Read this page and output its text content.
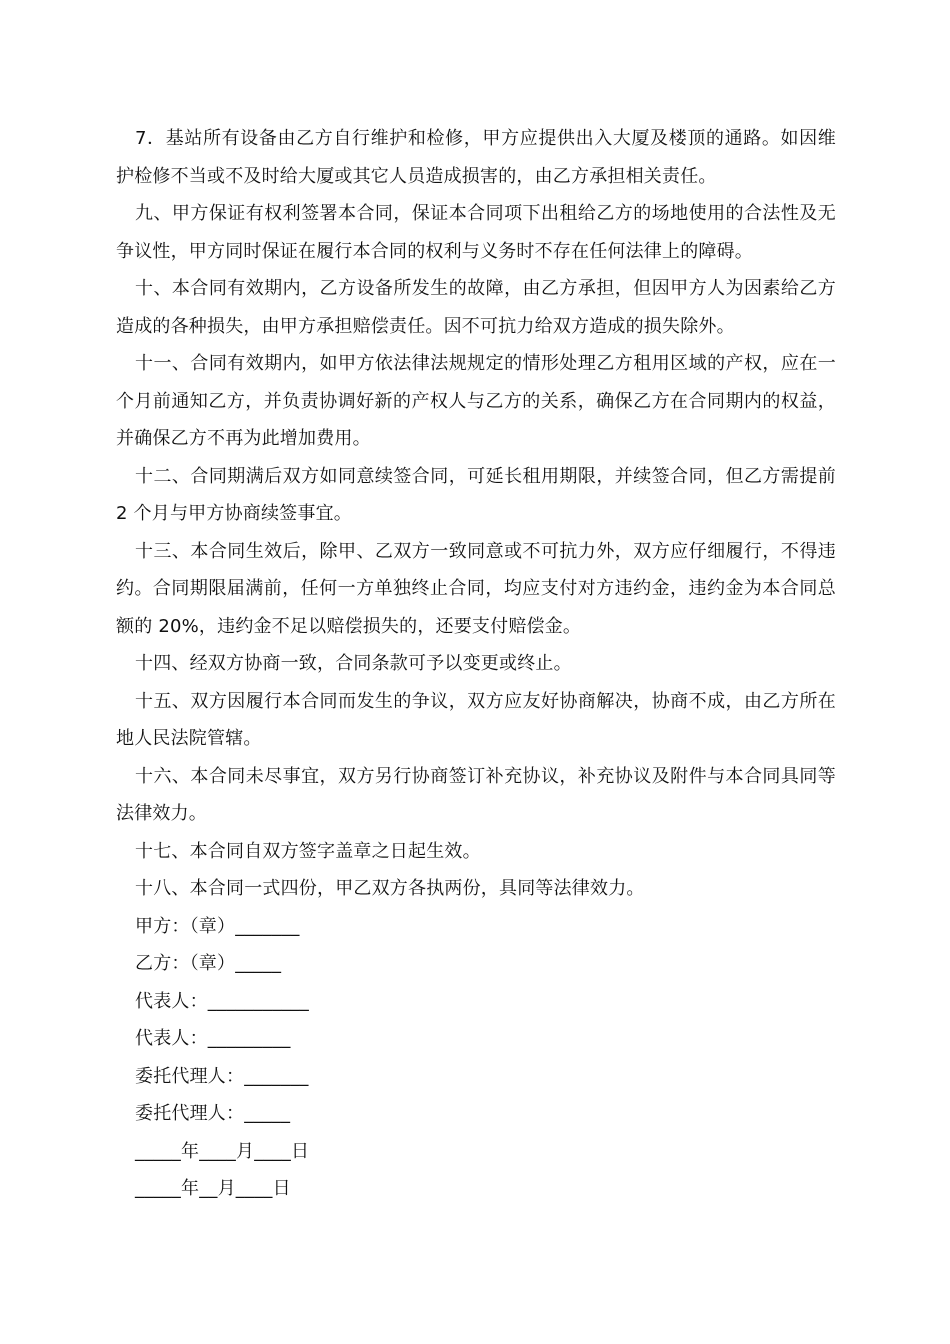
7．基站所有设备由乙方自行维护和检修，甲方应提供出入大厦及楼顶的通路。如因维护检修不当或不及时给大厦或其它人员造成损害的，由乙方承担相关责任。

九、甲方保证有权利签署本合同，保证本合同项下出租给乙方的场地使用的合法性及无争议性，甲方同时保证在履行本合同的权利与义务时不存在任何法律上的障碍。

十、本合同有效期内，乙方设备所发生的故障，由乙方承担，但因甲方人为因素给乙方造成的各种损失，由甲方承担赔偿责任。因不可抗力给双方造成的损失除外。

十一、合同有效期内，如甲方依法律法规规定的情形处理乙方租用区域的产权，应在一个月前通知乙方，并负责协调好新的产权人与乙方的关系，确保乙方在合同期内的权益，并确保乙方不再为此增加费用。

十二、合同期满后双方如同意续签合同，可延长租用期限，并续签合同，但乙方需提前 2 个月与甲方协商续签事宜。

十三、本合同生效后，除甲、乙双方一致同意或不可抗力外，双方应仔细履行，不得违约。合同期限届满前，任何一方单独终止合同，均应支付对方违约金，违约金为本合同总额的 20%，违约金不足以赔偿损失的，还要支付赔偿金。

十四、经双方协商一致，合同条款可予以变更或终止。

十五、双方因履行本合同而发生的争议，双方应友好协商解决，协商不成，由乙方所在地人民法院管辖。

十六、本合同未尽事宜，双方另行协商签订补充协议，补充协议及附件与本合同具同等法律效力。

十七、本合同自双方签字盖章之日起生效。

十八、本合同一式四份，甲乙双方各执两份，具同等法律效力。

甲方：（章）_______

乙方：（章）_____

代表人：___________

代表人：_________

委托代理人：_______

委托代理人：_____

_____年____月____日

_____年__月____日
